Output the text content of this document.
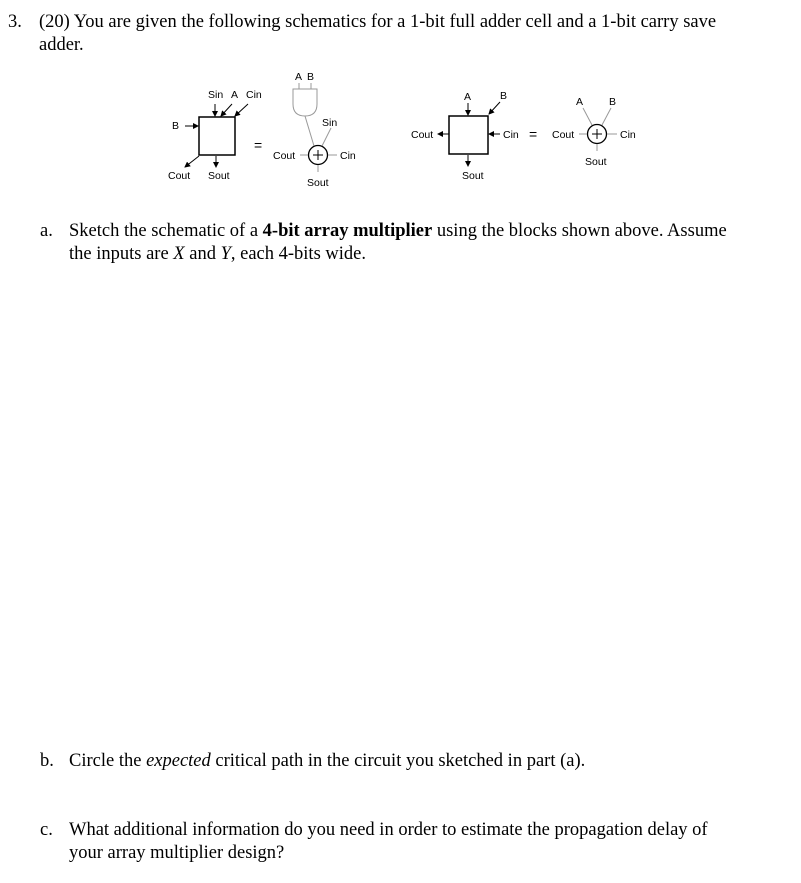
3. (20) You are given the following schematics for a 1-bit full adder cell and a 1-bit carry save
adder.
Sin A Cin
B
Cout Sout
=
A B
Sin
Cout	Cin
Sout
A	B
Cout	Cin
Sout
=
A B
Cout	Cin
Sout
a. Sketch the schematic of a 4-bit array multiplier using the blocks shown above. Assume
the inputs are X and Y, each 4-bits wide.
b. Circle the expected critical path in the circuit you sketched in part (a).
c. What additional information do you need in order to estimate the propagation delay of
your array multiplier design?
